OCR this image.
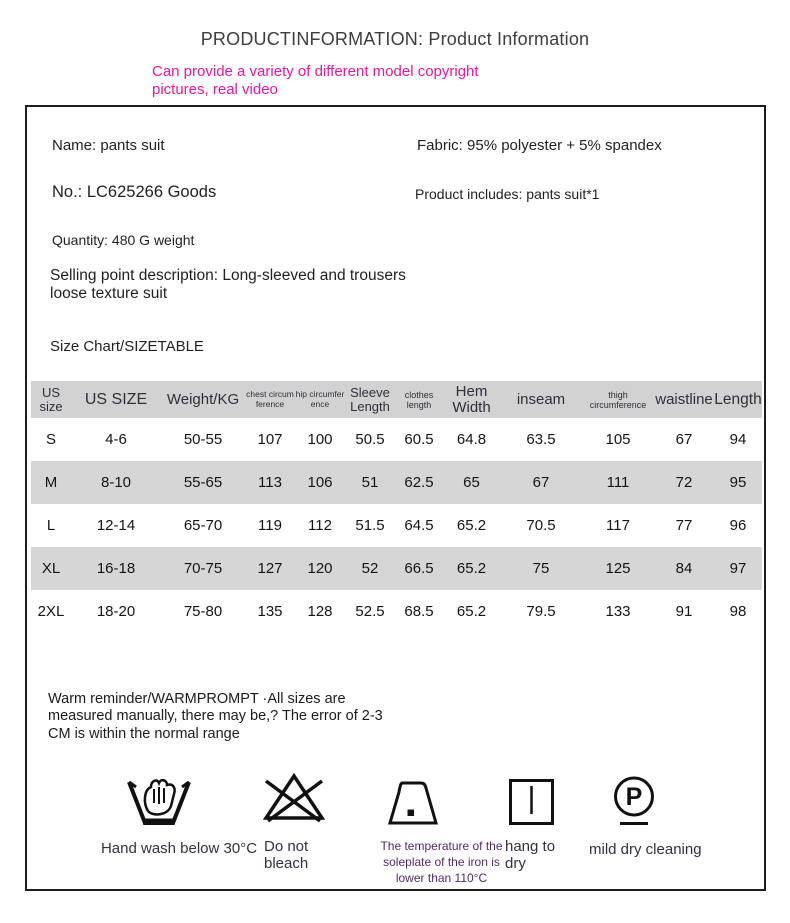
PRODUCTINFORMATION: Product Information
Can provide a variety of different model copyright
pictures, real video
Name: pants suit	Fabric: 95% polyester + 5% spandex
No.: LC625266 Goods	Product includes: pants suit*1
Quantity: 480 G weight
Selling point description: Long-sleeved and trousers
loose texture suit
Size Chart/SIZETABLE
US size	US SIZE	Weight/KG	chest circumference	hip circumference	Sleeve Length	clothes length	Hem Width	inseam	thigh circumference	waistline	Length
S	4-6	50-55	107	100	50.5	60.5	64.8	63.5	105	67	94
M	8-10	55-65	113	106	51	62.5	65	67	111	72	95
L	12-14	65-70	119	112	51.5	64.5	65.2	70.5	117	77	96
XL	16-18	70-75	127	120	52	66.5	65.2	75	125	84	97
2XL	18-20	75-80	135	128	52.5	68.5	65.2	79.5	133	91	98
Warm reminder/WARMPROMPT ·All sizes are
measured manually, there may be,? The error of 2-3
CM is within the normal range
P
Hand wash below 30°C Do not
bleach
The temperature of the
soleplate of the iron is
lower than 110°C
hang to
dry
mild dry cleaning
